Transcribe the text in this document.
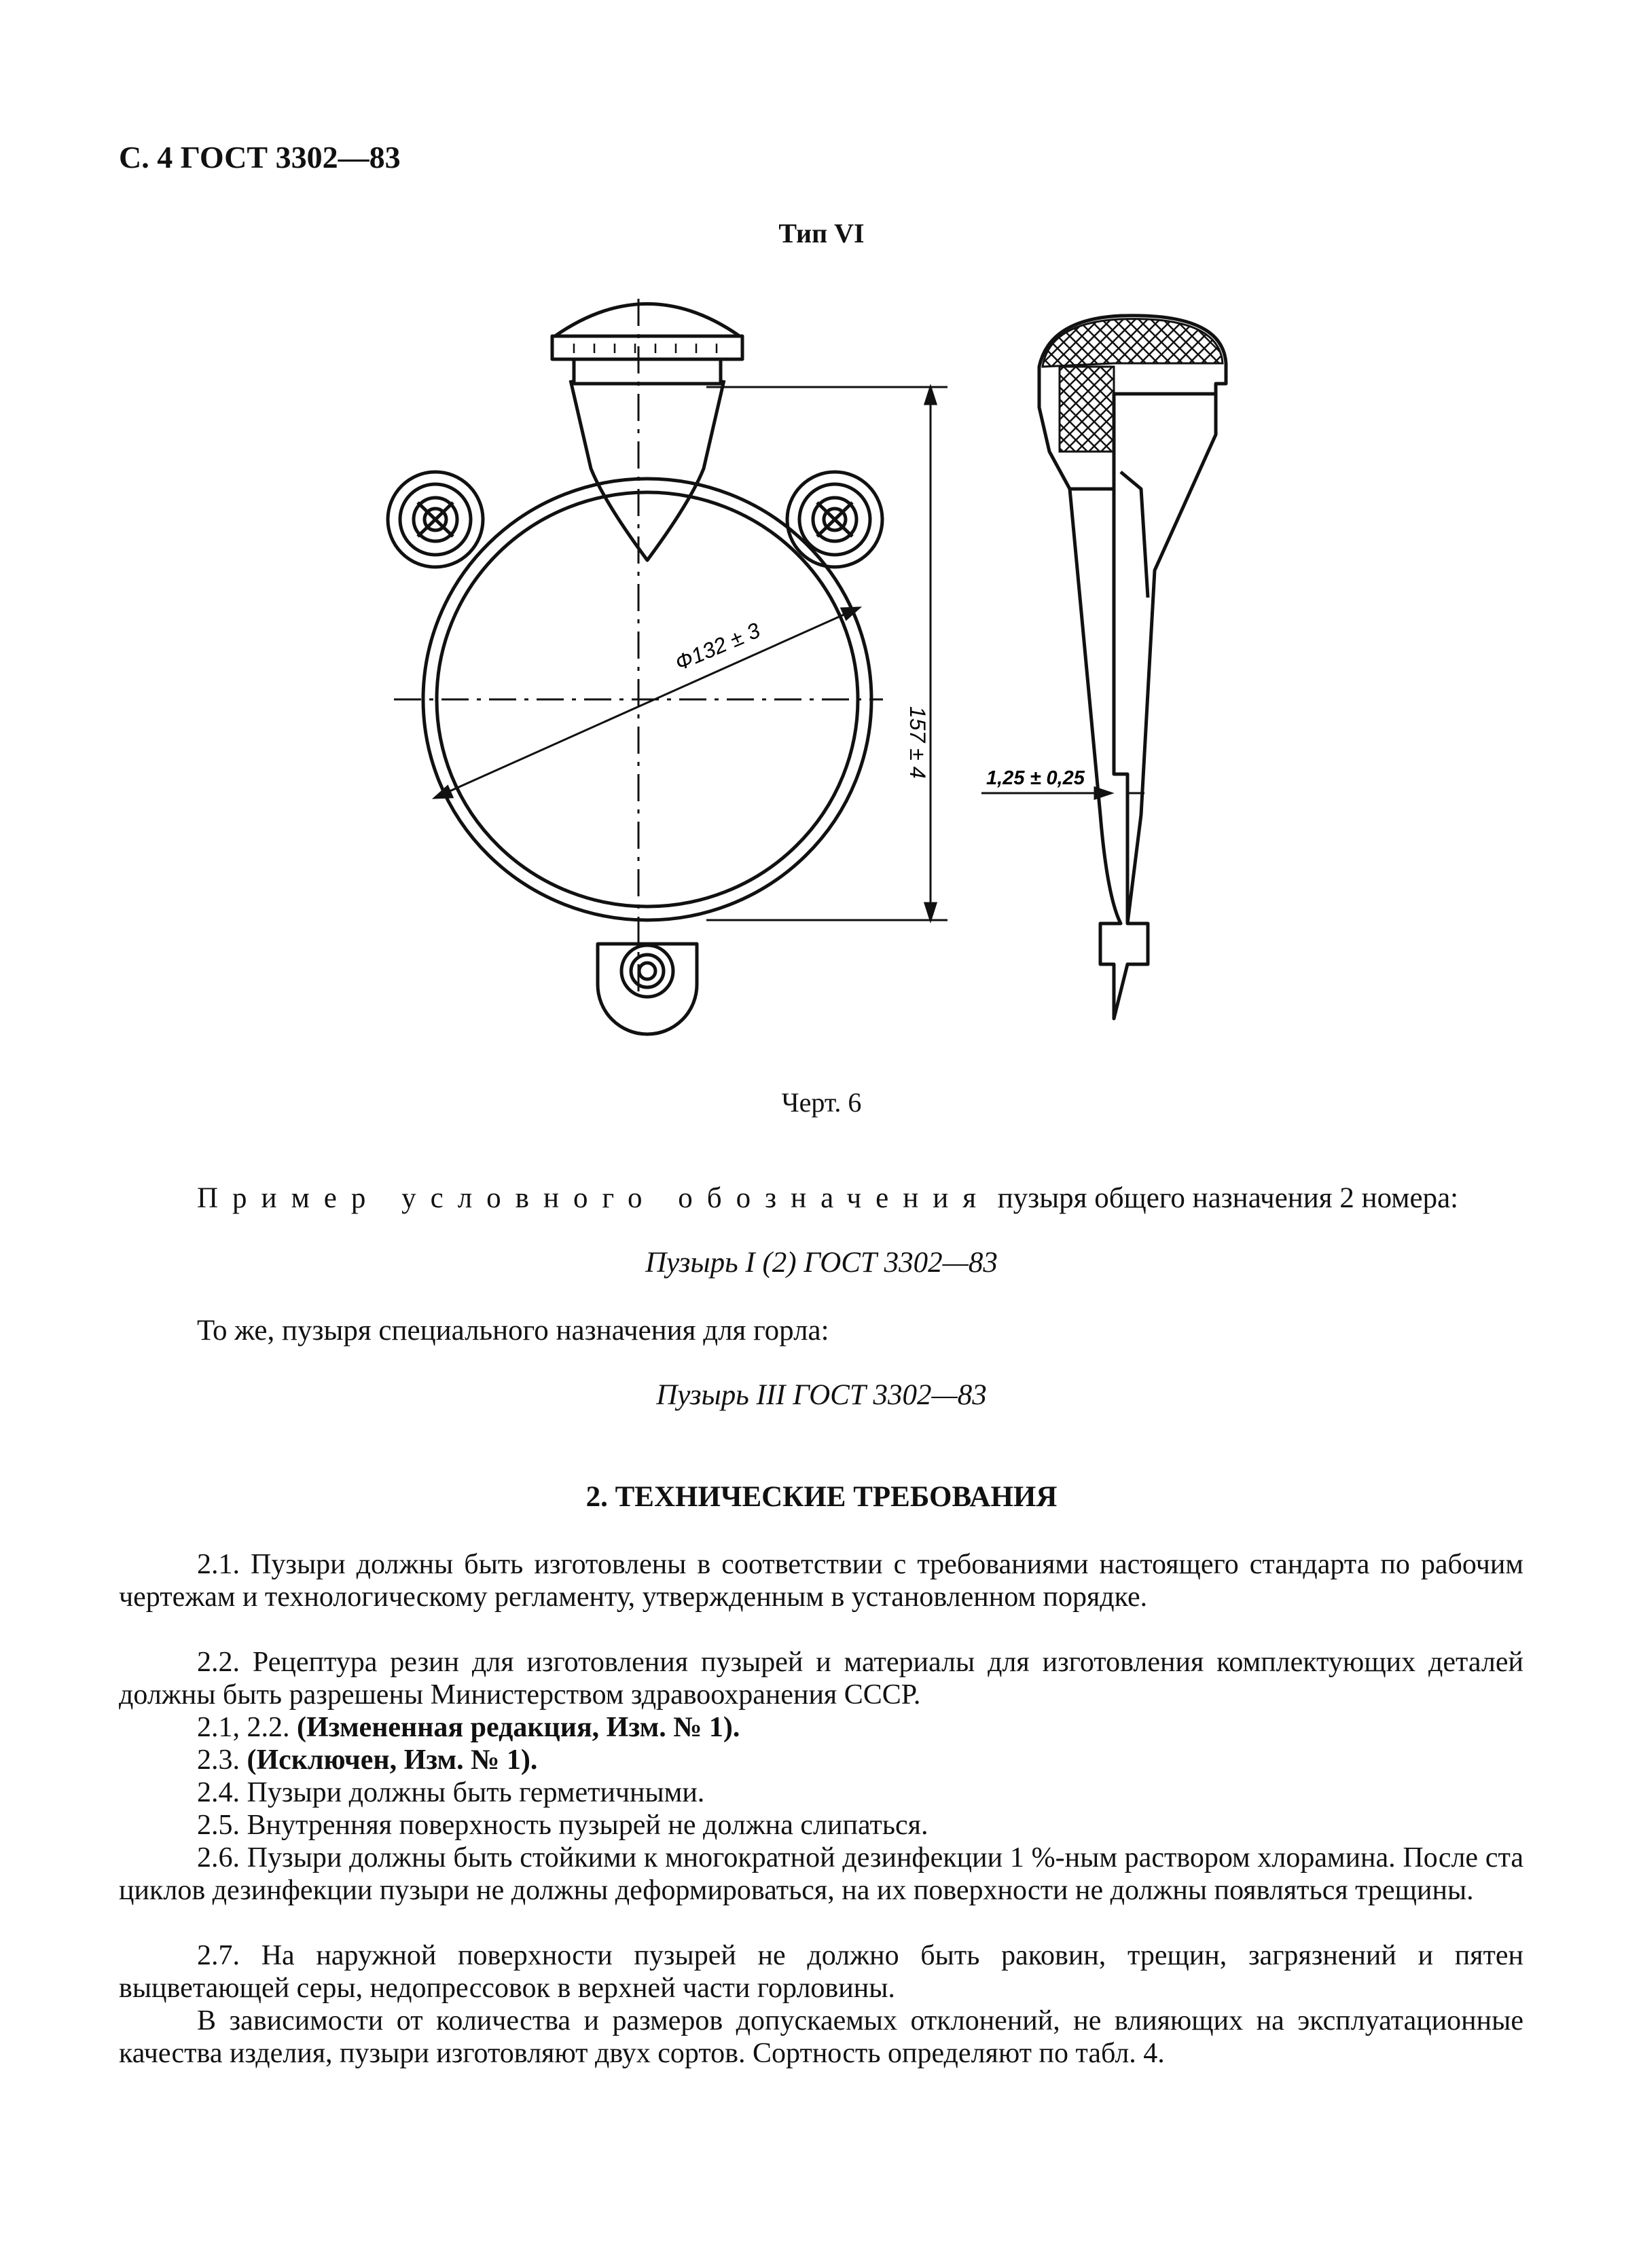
С. 4 ГОСТ 3302—83
Тип VI
Ф132 ± 3
157 ± 4	1,25 ± 0,25
Черт. 6
Пример условного обозначения пузыря общего назначения 2 номера:
Пузырь I (2) ГОСТ 3302—83
То же, пузыря специального назначения для горла:
Пузырь III ГОСТ 3302—83
2. ТЕХНИЧЕСКИЕ ТРЕБОВАНИЯ
2.1. Пузыри должны быть изготовлены в соответствии с требованиями настоящего стандарта по рабочим чертежам и технологическому регламенту, утвержденным в установленном порядке.
2.2. Рецептура резин для изготовления пузырей и материалы для изготовления комплектующих деталей должны быть разрешены Министерством здравоохранения СССР.
2.1, 2.2. (Измененная редакция, Изм. № 1).
2.3. (Исключен, Изм. № 1).
2.4. Пузыри должны быть герметичными.
2.5. Внутренняя поверхность пузырей не должна слипаться.
2.6. Пузыри должны быть стойкими к многократной дезинфекции 1 %-ным раствором хлорамина. После ста циклов дезинфекции пузыри не должны деформироваться, на их поверхности не должны появляться трещины.
2.7. На наружной поверхности пузырей не должно быть раковин, трещин, загрязнений и пятен выцветающей серы, недопрессовок в верхней части горловины.
В зависимости от количества и размеров допускаемых отклонений, не влияющих на эксплуатационные качества изделия, пузыри изготовляют двух сортов. Сортность определяют по табл. 4.
